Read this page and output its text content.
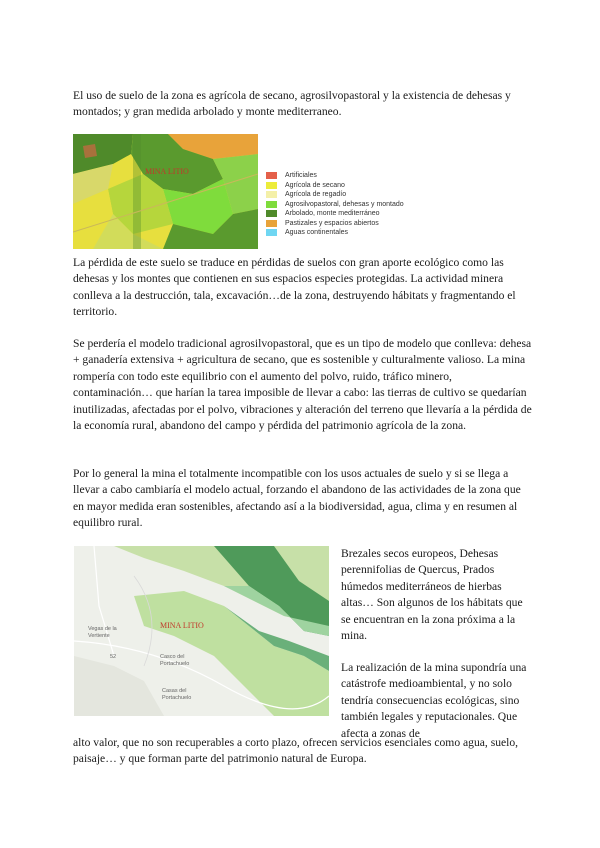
El uso de suelo de la zona es agrícola de secano, agrosilvopastoral y la existencia de dehesas y montados; y gran medida arbolado y monte mediterraneo.

MINA LITIO	Artificiales
Agrícola de secano
Agrícola de regadío
Agrosilvopastoral, dehesas y montado
Arbolado, monte mediterráneo
Pastizales y espacios abiertos
Aguas continentales

La pérdida de este suelo se traduce en pérdidas de suelos con gran aporte ecológico como las dehesas y los montes que contienen en sus espacios especies protegidas. La actividad minera conlleva a la destrucción, tala, excavación…de la zona, destruyendo hábitats y fragmentando el territorio.

Se perdería el modelo tradicional agrosilvopastoral, que es un tipo de modelo que conlleva: dehesa + ganadería extensiva + agricultura de secano, que es sostenible y culturalmente valioso. La mina rompería con todo este equilibrio con el aumento del polvo, ruido, tráfico minero, contaminación… que harían la tarea imposible de llevar a cabo: las tierras de cultivo se quedarían inutilizadas, afectadas por el polvo, vibraciones y alteración del terreno que llevaría a la pérdida de la economía rural, abandono del campo y pérdida del patrimonio agrícola de la zona.

Por lo general la mina el totalmente incompatible con los usos actuales de suelo y si se llega a llevar a cabo cambiaría el modelo actual, forzando el abandono de las actividades de la zona que en mayor medida eran sostenibles, afectando así a la biodiversidad, agua, clima y en resumen al equilibro rural.

MINA LITIO
Vegas de la Vertiente
Casco del Portachuelo
Casas del Portachuelo
52

Brezales secos europeos, Dehesas perennifolias de Quercus, Prados húmedos mediterráneos de hierbas altas… Son algunos de los hábitats que se encuentran en la zona próxima a la mina.

La realización de la mina supondría una catástrofe medioambiental, y no solo tendría consecuencias ecológicas, sino también legales y reputacionales. Que afecta a zonas de

alto valor, que no son recuperables a corto plazo, ofrecen servicios esenciales como agua, suelo, paisaje… y que forman parte del patrimonio natural de Europa.
